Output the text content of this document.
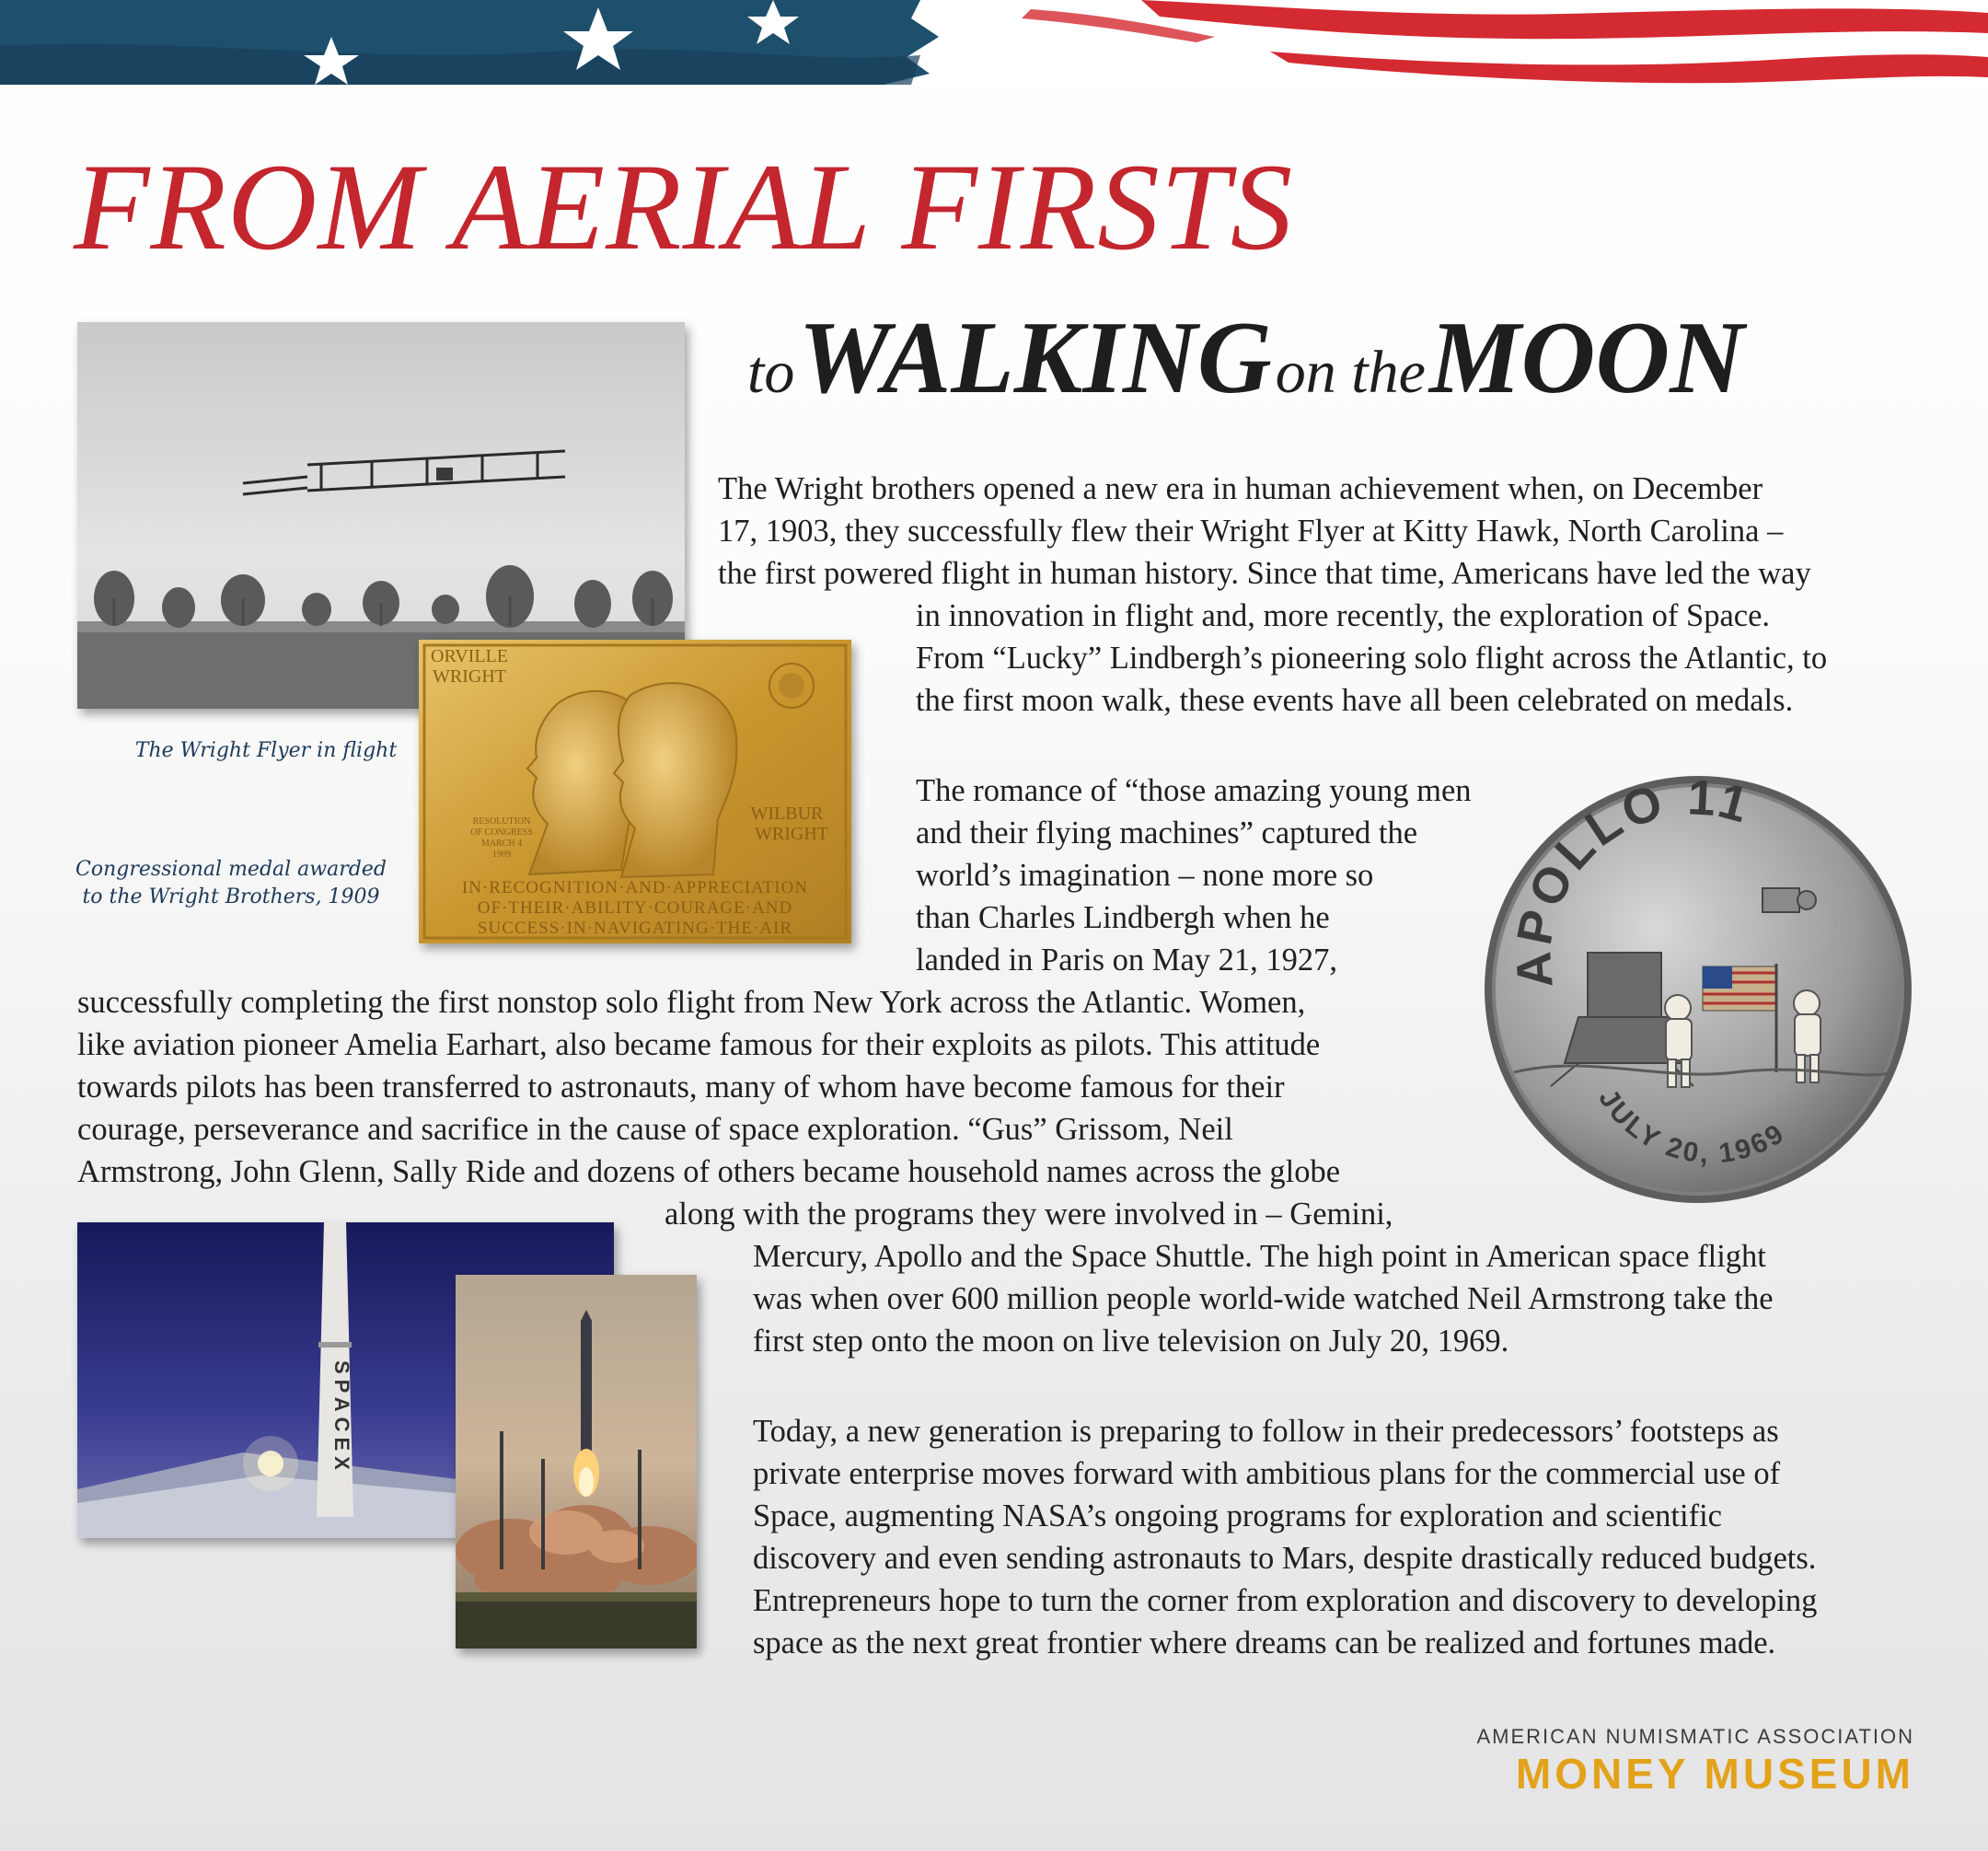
FROM AERIAL FIRSTS
to WALKING on the MOON

The Wright Flyer in flight

ORVILLE
WRIGHT
WILBUR
WRIGHT
RESOLUTION
OF CONGRESS
MARCH 4
1909
IN·RECOGNITION·AND·APPRECIATION
OF·THEIR·ABILITY·COURAGE·AND
SUCCESS·IN·NAVIGATING·THE·AIR

Congressional medal awarded
to the Wright Brothers, 1909

APOLLO 11
JULY 20, 1969
SPACEX
The Wright brothers opened a new era in human achievement when, on December
17, 1903, they successfully flew their Wright Flyer at Kitty Hawk, North Carolina –
the first powered flight in human history. Since that time, Americans have led the way
in innovation in flight and, more recently, the exploration of Space.
From “Lucky” Lindbergh’s pioneering solo flight across the Atlantic, to
the first moon walk, these events have all been celebrated on medals.
The romance of “those amazing young men
and their flying machines” captured the
world’s imagination – none more so
than Charles Lindbergh when he
landed in Paris on May 21, 1927,
successfully completing the first nonstop solo flight from New York across the Atlantic. Women,
like aviation pioneer Amelia Earhart, also became famous for their exploits as pilots. This attitude
towards pilots has been transferred to astronauts, many of whom have become famous for their
courage, perseverance and sacrifice in the cause of space exploration. “Gus” Grissom, Neil
Armstrong, John Glenn, Sally Ride and dozens of others became household names across the globe
along with the programs they were involved in – Gemini,
Mercury, Apollo and the Space Shuttle. The high point in American space flight
was when over 600 million people world-wide watched Neil Armstrong take the
first step onto the moon on live television on July 20, 1969.
Today, a new generation is preparing to follow in their predecessors’ footsteps as
private enterprise moves forward with ambitious plans for the commercial use of
Space, augmenting NASA’s ongoing programs for exploration and scientific
discovery and even sending astronauts to Mars, despite drastically reduced budgets.
Entrepreneurs hope to turn the corner from exploration and discovery to developing
space as the next great frontier where dreams can be realized and fortunes made.

AMERICAN NUMISMATIC ASSOCIATION

MONEY MUSEUM
